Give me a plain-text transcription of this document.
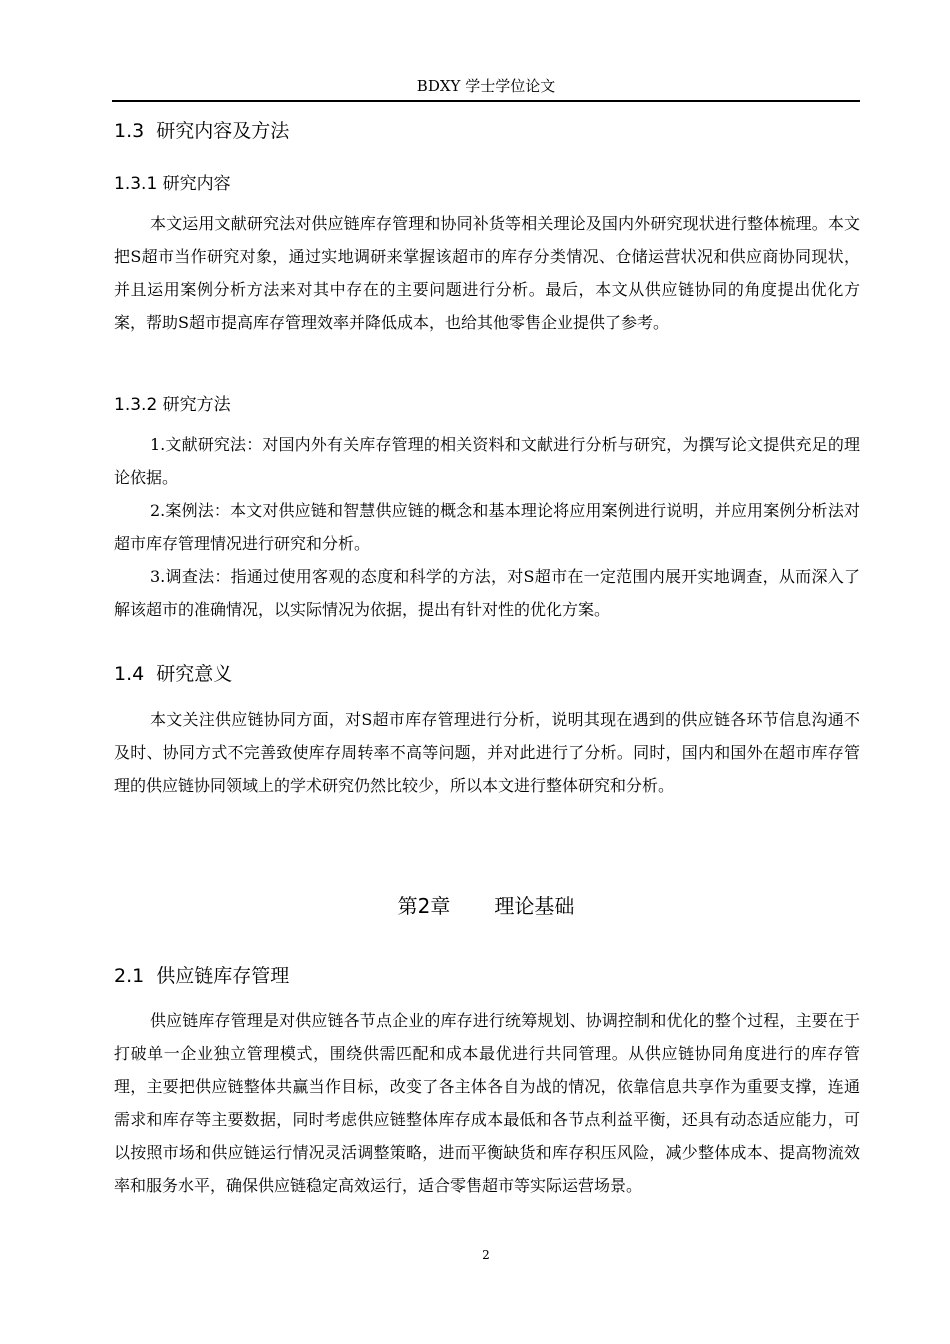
BDXY 学士学位论文
1.3  研究内容及方法
1.3.1 研究内容

本文运用文献研究法对供应链库存管理和协同补货等相关理论及国内外研究现状进行整体梳理。本文把S超市当作研究对象，通过实地调研来掌握该超市的库存分类情况、仓储运营状况和供应商协同现状，并且运用案例分析方法来对其中存在的主要问题进行分析。最后，本文从供应链协同的角度提出优化方案，帮助S超市提高库存管理效率并降低成本，也给其他零售企业提供了参考。

1.3.2 研究方法

1.文献研究法：对国内外有关库存管理的相关资料和文献进行分析与研究，为撰写论文提供充足的理论依据。

2.案例法：本文对供应链和智慧供应链的概念和基本理论将应用案例进行说明，并应用案例分析法对超市库存管理情况进行研究和分析。

3.调查法：指通过使用客观的态度和科学的方法，对S超市在一定范围内展开实地调查，从而深入了解该超市的准确情况，以实际情况为依据，提出有针对性的优化方案。

1.4  研究意义

本文关注供应链协同方面，对S超市库存管理进行分析，说明其现在遇到的供应链各环节信息沟通不及时、协同方式不完善致使库存周转率不高等问题，并对此进行了分析。同时，国内和国外在超市库存管理的供应链协同领域上的学术研究仍然比较少，所以本文进行整体研究和分析。

第2章 理论基础
2.1  供应链库存管理

供应链库存管理是对供应链各节点企业的库存进行统筹规划、协调控制和优化的整个过程，主要在于打破单一企业独立管理模式，围绕供需匹配和成本最优进行共同管理。从供应链协同角度进行的库存管理，主要把供应链整体共赢当作目标，改变了各主体各自为战的情况，依靠信息共享作为重要支撑，连通需求和库存等主要数据，同时考虑供应链整体库存成本最低和各节点利益平衡，还具有动态适应能力，可以按照市场和供应链运行情况灵活调整策略，进而平衡缺货和库存积压风险，减少整体成本、提高物流效率和服务水平，确保供应链稳定高效运行，适合零售超市等实际运营场景。

2
